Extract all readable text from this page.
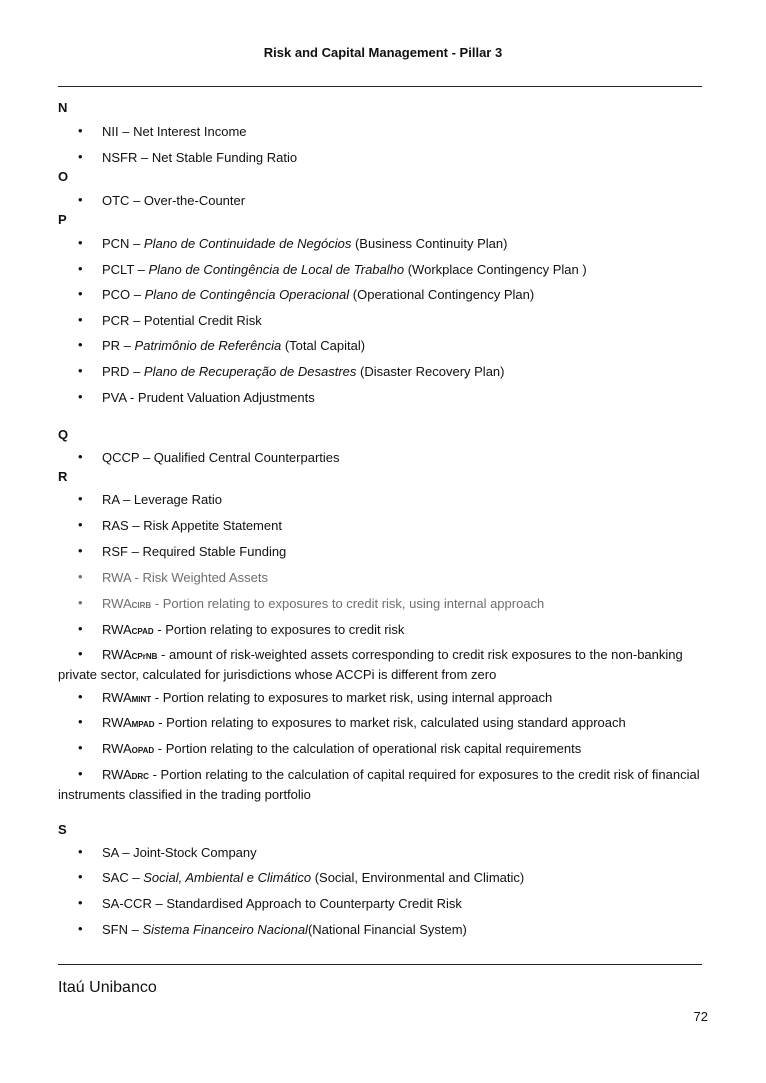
Risk and Capital Management - Pillar 3
N
• NII – Net Interest Income
• NSFR – Net Stable Funding Ratio
O
• OTC – Over-the-Counter
P
• PCN – Plano de Continuidade de Negócios (Business Continuity Plan)
• PCLT – Plano de Contingência de Local de Trabalho (Workplace Contingency Plan )
• PCO – Plano de Contingência Operacional (Operational Contingency Plan)
• PCR – Potential Credit Risk
• PR – Patrimônio de Referência (Total Capital)
• PRD – Plano de Recuperação de Desastres (Disaster Recovery Plan)
• PVA - Prudent Valuation Adjustments
Q
• QCCP – Qualified Central Counterparties
R
• RA – Leverage Ratio
• RAS – Risk Appetite Statement
• RSF – Required Stable Funding
• RWA - Risk Weighted Assets
• RWACIRB - Portion relating to exposures to credit risk, using internal approach
• RWACPAD - Portion relating to exposures to credit risk
• RWACPrNB - amount of risk-weighted assets corresponding to credit risk exposures to the non-banking
private sector, calculated for jurisdictions whose ACCPi is different from zero
• RWAMINT - Portion relating to exposures to market risk, using internal approach
• RWAMPAD - Portion relating to exposures to market risk, calculated using standard approach
• RWAOPAD - Portion relating to the calculation of operational risk capital requirements
• RWADRC - Portion relating to the calculation of capital required for exposures to the credit risk of financial
instruments classified in the trading portfolio
S
• SA – Joint-Stock Company
• SAC – Social, Ambiental e Climático (Social, Environmental and Climatic)
• SA-CCR – Standardised Approach to Counterparty Credit Risk
• SFN – Sistema Financeiro Nacional(National Financial System)
Itaú Unibanco
72
